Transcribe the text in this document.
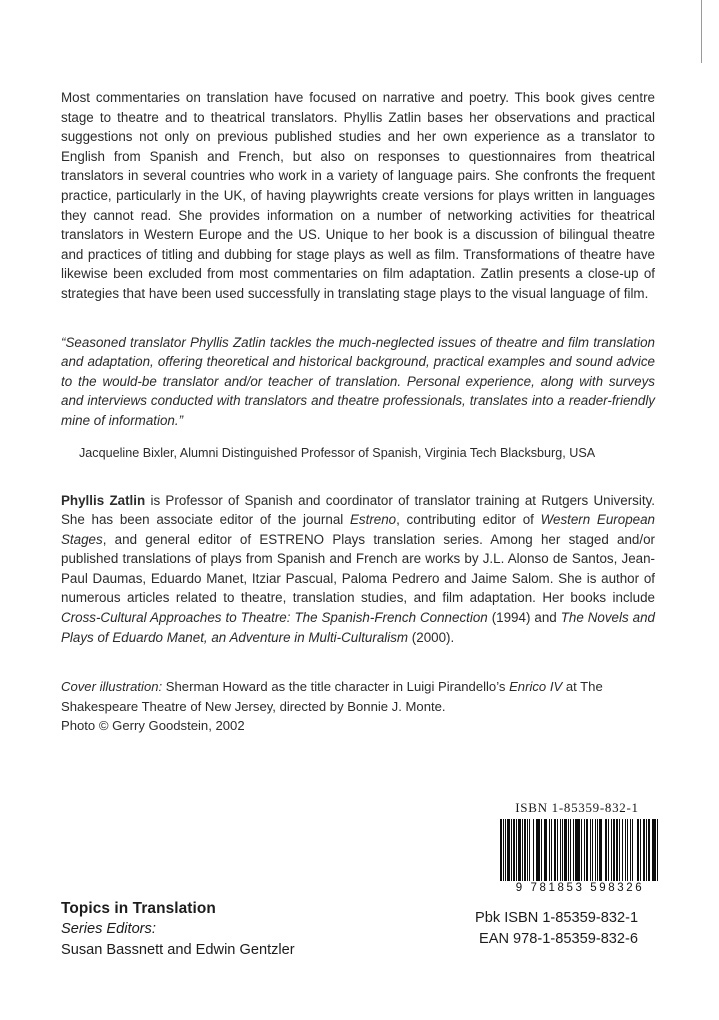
Most commentaries on translation have focused on narrative and poetry. This book gives centre stage to theatre and to theatrical translators. Phyllis Zatlin bases her observations and practical suggestions not only on previous published studies and her own experience as a translator to English from Spanish and French, but also on responses to questionnaires from theatrical translators in several countries who work in a variety of language pairs. She confronts the frequent practice, particularly in the UK, of having playwrights create versions for plays written in languages they cannot read. She provides information on a number of networking activities for theatrical translators in Western Europe and the US. Unique to her book is a discussion of bilingual theatre and practices of titling and dubbing for stage plays as well as film. Transformations of theatre have likewise been excluded from most commentaries on film adaptation. Zatlin presents a close-up of strategies that have been used successfully in translating stage plays to the visual language of film.

“Seasoned translator Phyllis Zatlin tackles the much-neglected issues of theatre and film translation and adaptation, offering theoretical and historical background, practical examples and sound advice to the would-be translator and/or teacher of translation. Personal experience, along with surveys and interviews conducted with translators and theatre professionals, translates into a reader-friendly mine of information.”

Jacqueline Bixler, Alumni Distinguished Professor of Spanish, Virginia Tech Blacksburg, USA

Phyllis Zatlin is Professor of Spanish and coordinator of translator training at Rutgers University. She has been associate editor of the journal Estreno, contributing editor of Western European Stages, and general editor of ESTRENO Plays translation series. Among her staged and/or published translations of plays from Spanish and French are works by J.L. Alonso de Santos, Jean-Paul Daumas, Eduardo Manet, Itziar Pascual, Paloma Pedrero and Jaime Salom. She is author of numerous articles related to theatre, translation studies, and film adaptation. Her books include Cross-Cultural Approaches to Theatre: The Spanish-French Connection (1994) and The Novels and Plays of Eduardo Manet, an Adventure in Multi-Culturalism (2000).

Cover illustration: Sherman Howard as the title character in Luigi Pirandello’s Enrico IV at The Shakespeare Theatre of New Jersey, directed by Bonnie J. Monte.

Photo © Gerry Goodstein, 2002

Topics in Translation
Series Editors:
Susan Bassnett and Edwin Gentzler
ISBN 1-85359-832-1
9 781853 598326
Pbk ISBN 1-85359-832-1
EAN 978-1-85359-832-6
